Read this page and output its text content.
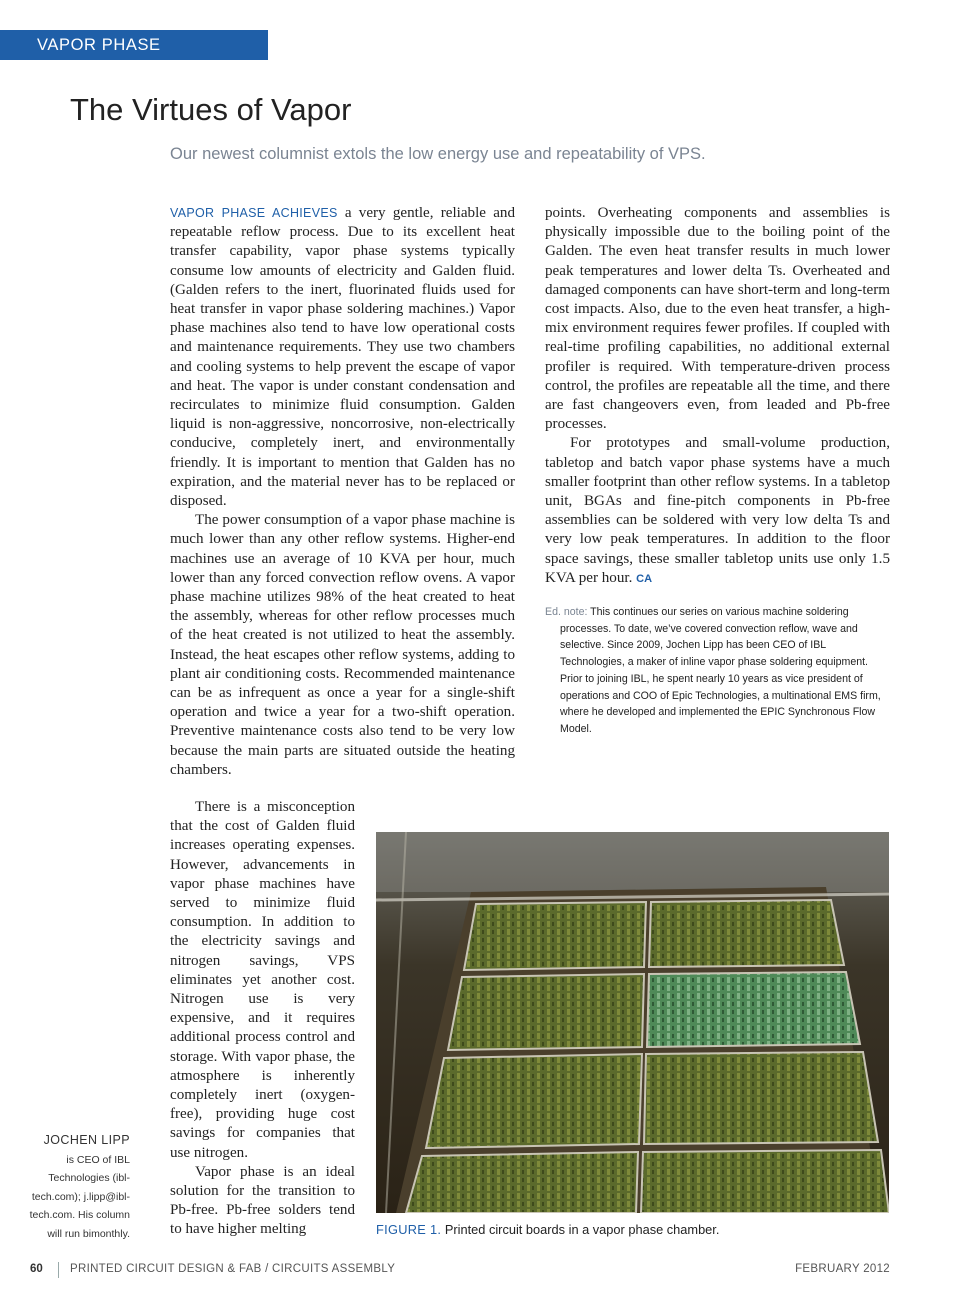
VAPOR PHASE SOLDERING
The Virtues of Vapor
Our newest columnist extols the low energy use and repeatability of VPS.

VAPOR PHASE ACHIEVES a very gentle, reliable and repeatable reflow process. Due to its excellent heat transfer capability, vapor phase systems typically consume low amounts of electricity and Galden fluid. (Galden refers to the inert, fluorinated fluids used for heat transfer in vapor phase soldering machines.) Vapor phase machines also tend to have low operational costs and maintenance requirements. They use two chambers and cooling systems to help prevent the escape of vapor and heat. The vapor is under constant condensation and recirculates to minimize fluid consumption. Galden liquid is non-aggressive, noncorrosive, non-electrically conducive, completely inert, and environmentally friendly. It is important to mention that Galden has no expiration, and the material never has to be replaced or disposed.

The power consumption of a vapor phase machine is much lower than any other reflow systems. Higher-end machines use an average of 10 KVA per hour, much lower than any forced convection reflow ovens. A vapor phase machine utilizes 98% of the heat created to heat the assembly, whereas for other reflow processes much of the heat created is not utilized to heat the assembly. Instead, the heat escapes other reflow systems, adding to plant air conditioning costs. Recommended maintenance can be as infrequent as once a year for a single-shift operation and twice a year for a two-shift operation. Preventive maintenance costs also tend to be very low because the main parts are situated outside the heating chambers.

There is a misconception that the cost of Galden fluid increases operating expenses. However, advancements in vapor phase machines have served to minimize fluid consumption. In addition to the electricity savings and nitrogen savings, VPS eliminates yet another cost. Nitrogen use is very expensive, and it requires additional process control and storage. With vapor phase, the atmosphere is inherently completely inert (oxygen-free), providing huge cost savings for companies that use nitrogen.

Vapor phase is an ideal solution for the transition to Pb-free. Pb-free solders tend to have higher melting

points. Overheating components and assemblies is physically impossible due to the boiling point of the Galden. The even heat transfer results in much lower peak temperatures and lower delta Ts. Overheated and damaged components can have short-term and long-term cost impacts. Also, due to the even heat transfer, a high-mix environment requires fewer profiles. If coupled with real-time profiling capabilities, no additional external profiler is required. With temperature-driven process control, the profiles are repeatable all the time, and there are fast changeovers even, from leaded and Pb-free processes.

For prototypes and small-volume production, tabletop and batch vapor phase systems have a much smaller footprint than other reflow systems. In a tabletop unit, BGAs and fine-pitch components in Pb-free assemblies can be soldered with very low delta Ts and very low peak temperatures. In addition to the floor space savings, these smaller tabletop units use only 1.5 KVA per hour. CA

Ed. note: This continues our series on various machine soldering processes. To date, we’ve covered convection reflow, wave and selective. Since 2009, Jochen Lipp has been CEO of IBL Technologies, a maker of inline vapor phase soldering equipment. Prior to joining IBL, he spent nearly 10 years as vice president of operations and COO of Epic Technologies, a multinational EMS firm, where he developed and implemented the EPIC Synchronous Flow Model.
FIGURE 1. Printed circuit boards in a vapor phase chamber.
JOCHEN LIPP
is CEO of IBL Technologies (ibl-tech.com); j.lipp@ibl-tech.com. His column will run bimonthly.
60 PRINTED CIRCUIT DESIGN & FAB / CIRCUITS ASSEMBLY	FEBRUARY 2012
